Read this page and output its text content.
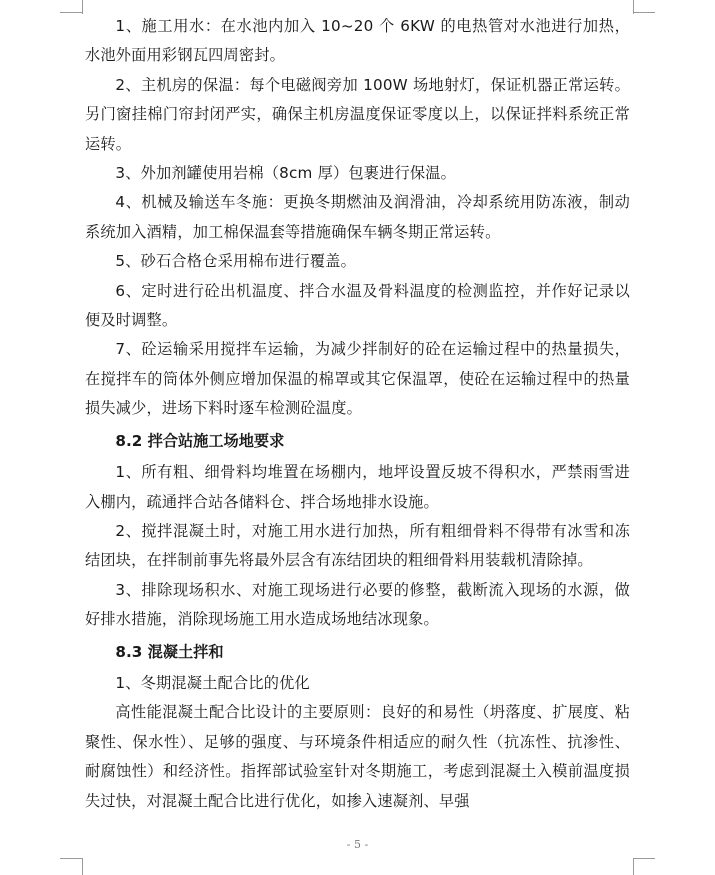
1、施工用水：在水池内加入 10~20 个 6KW 的电热管对水池进行加热，水池外面用彩钢瓦四周密封。

2、主机房的保温：每个电磁阀旁加 100W 场地射灯，保证机器正常运转。另门窗挂棉门帘封闭严实，确保主机房温度保证零度以上，以保证拌料系统正常运转。

3、外加剂罐使用岩棉（8cm 厚）包裹进行保温。

4、机械及输送车冬施：更换冬期燃油及润滑油，冷却系统用防冻液，制动系统加入酒精，加工棉保温套等措施确保车辆冬期正常运转。

5、砂石合格仓采用棉布进行覆盖。

6、定时进行砼出机温度、拌合水温及骨料温度的检测监控，并作好记录以便及时调整。

7、砼运输采用搅拌车运输，为减少拌制好的砼在运输过程中的热量损失，在搅拌车的筒体外侧应增加保温的棉罩或其它保温罩，使砼在运输过程中的热量损失减少，进场下料时逐车检测砼温度。

8.2 拌合站施工场地要求

1、所有粗、细骨料均堆置在场棚内，地坪设置反坡不得积水，严禁雨雪进入棚内，疏通拌合站各储料仓、拌合场地排水设施。

2、搅拌混凝土时，对施工用水进行加热，所有粗细骨料不得带有冰雪和冻结团块，在拌制前事先将最外层含有冻结团块的粗细骨料用装载机清除掉。

3、排除现场积水、对施工现场进行必要的修整，截断流入现场的水源，做好排水措施，消除现场施工用水造成场地结冰现象。

8.3 混凝土拌和

1、冬期混凝土配合比的优化

高性能混凝土配合比设计的主要原则：良好的和易性（坍落度、扩展度、粘聚性、保水性）、足够的强度、与环境条件相适应的耐久性（抗冻性、抗渗性、耐腐蚀性）和经济性。指挥部试验室针对冬期施工，考虑到混凝土入模前温度损失过快，对混凝土配合比进行优化，如掺入速凝剂、早强

- 5 -
